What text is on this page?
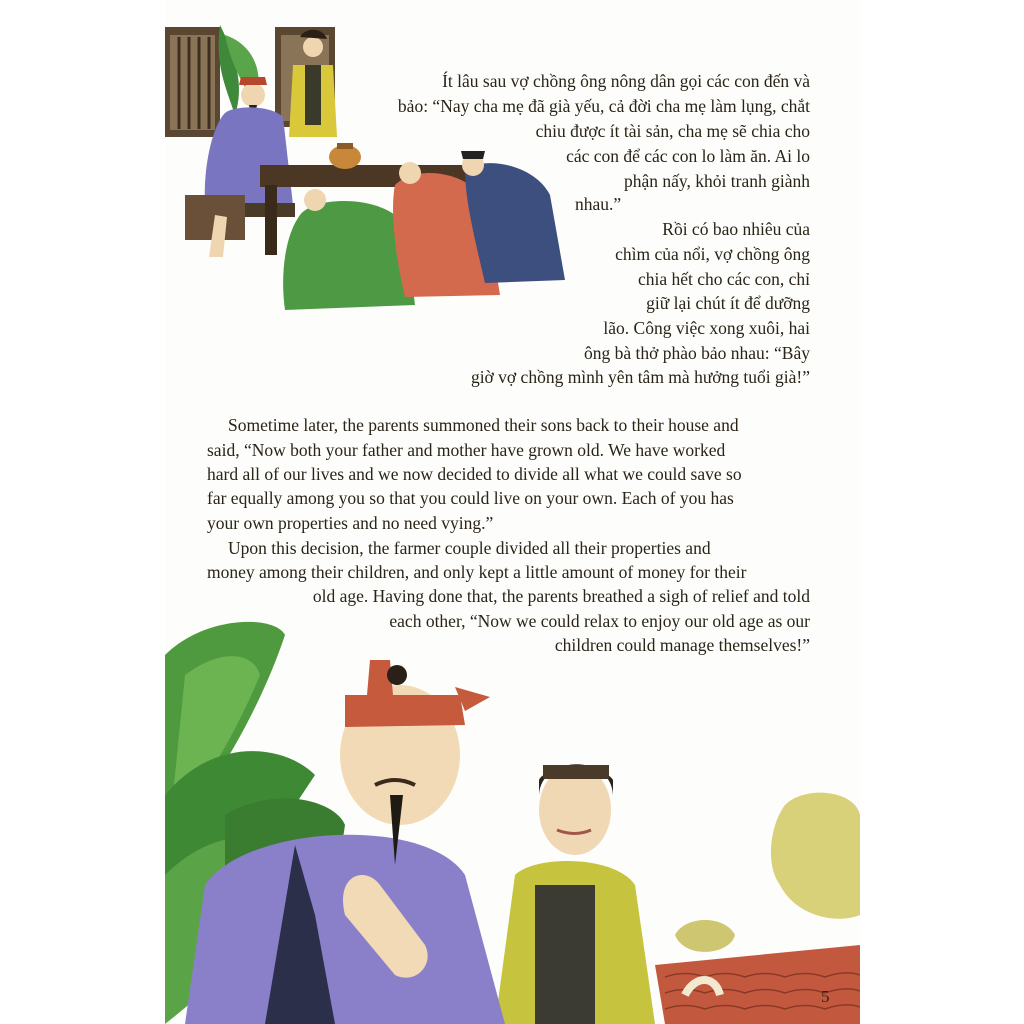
Ít lâu sau vợ chồng ông nông dân gọi các con đến và
bảo: “Nay cha mẹ đã già yếu, cả đời cha mẹ làm lụng, chắt
chiu được ít tài sản, cha mẹ sẽ chia cho
các con để các con lo làm ăn. Ai lo
phận nấy, khỏi tranh giành
nhau.”
Rồi có bao nhiêu của
chìm của nổi, vợ chồng ông
chia hết cho các con, chỉ
giữ lại chút ít để dưỡng
lão. Công việc xong xuôi, hai
ông bà thở phào bảo nhau: “Bây
giờ vợ chồng mình yên tâm mà hưởng tuổi già!”
Sometime later, the parents summoned their sons back to their house and
said, “Now both your father and mother have grown old. We have worked
hard all of our lives and we now decided to divide all what we could save so
far equally among you so that you could live on your own. Each of you has
your own properties and no need vying.”
Upon this decision, the farmer couple divided all their properties and
money among their children, and only kept a little amount of money for their
old age. Having done that, the parents breathed a sigh of relief and told
each other, “Now we could relax to enjoy our old age as our
children could manage themselves!”
5
